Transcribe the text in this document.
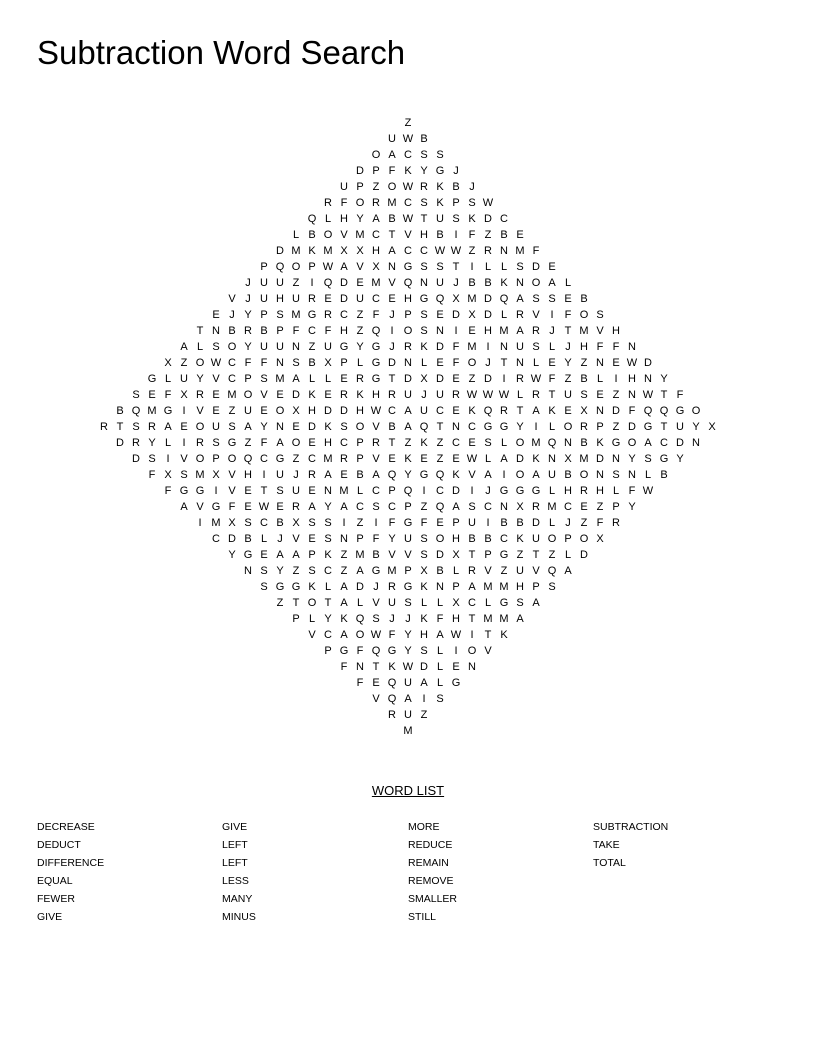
Subtraction Word Search
Z
U W B
O A C S S
D P F K Y G J
U P Z O W R K B J
R F O R M C S K P S W
Q L H Y A B W T U S K D C
L B O V M C T V H B I	F Z B E
D M K M X X H A C C W W Z R N M F
P Q O P W A V X N G S S T	I	L L S D E
J U U Z	I Q D E M V Q N U J B B K N O A L
V J U H U R E D U C E H G Q X M D Q A S S E B
E J Y P S M G R C Z F J P S E D X D L R V I	F O S
T N B R B P F C F H Z Q I O S N I E H M A R J T M V H
A L S O Y U U N Z U G Y G J R K D F M I N U S L J H F F N
X Z O W C F F N S B X P L G D N L E F O J T N L E Y Z N E W D
G L U Y V C P S M A L L E R G T D X D E Z D I R W F Z B L	I H N Y
S E F X R E M O V E D K E R K H R U J U R W W W L R T U S E Z N W T F
B Q M G I V E Z U E O X H D D H W C A U C E K Q R T A K E X N D F Q Q G O
R T S R A E O U S A Y N E D K S O V B A Q T N C G G Y I	L O R P Z D G T U Y X
D R Y L	I R S G Z F A O E H C P R T Z K Z C E S L O M Q N B K G O A C D N
D S I V O P O Q C G Z C M R P V E K E Z E W L A D K N X M D N Y S G Y
F X S M X V H I U J R A E B A Q Y G Q K V A I O A U B O N S N L B
F G G I V E T S U E N M L C P Q I C D I	J G G G L H R H L F W
A V G F E W E R A Y A C S C P Z Q A S C N X R M C E Z P Y
I M X S C B X S S I	Z	I	F G F E P U I B B D L J Z F R
C D B L J V E S N P F Y U S O H B B C K U O P O X
Y G E A A P K Z M B V V S D X T P G Z T Z L D
N S Y Z S C Z A G M P X B L R V Z U V Q A
S G G K L A D J R G K N P A M M H P S
Z T O T A L V U S L L X C L G S A
P L Y K Q S J J K F H T M M A
V C A O W F Y H A W I	T K
P G F Q G Y S L	I O V
F N T K W D L E N
F E Q U A L G
V Q A I S
R U Z
M
WORD LIST
DECREASE
DEDUCT
DIFFERENCE
EQUAL
FEWER
GIVE
GIVE
LEFT
LEFT
LESS
MANY
MINUS
MORE
REDUCE
REMAIN
REMOVE
SMALLER
STILL
SUBTRACTION
TAKE
TOTAL
